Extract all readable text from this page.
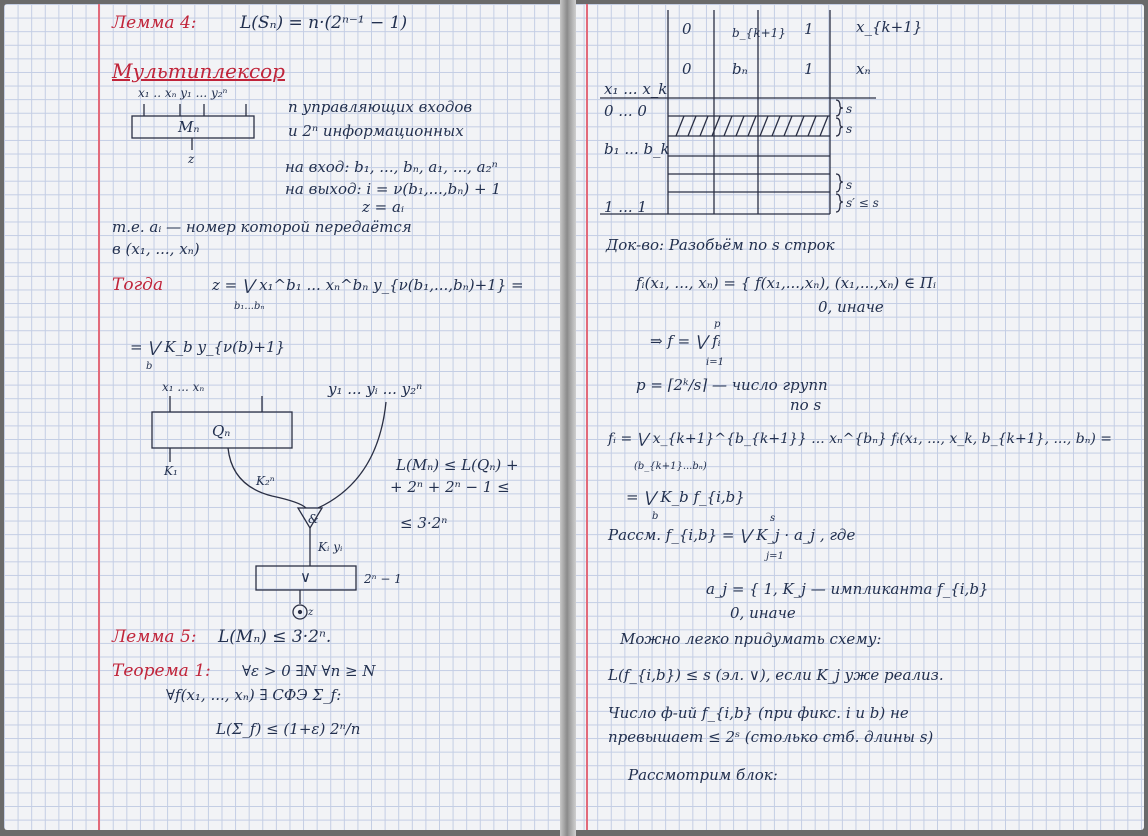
Лемма 4:	L(Sₙ) = n·(2ⁿ⁻¹ − 1)
Мультиплексор
x₁ .. xₙ y₁ ... y₂ⁿ
Mₙ
z
n управляющих входов
и 2ⁿ информационных
на вход: b₁, ..., bₙ, a₁, ..., a₂ⁿ
на выход: i = ν(b₁,...,bₙ) + 1
z = aᵢ
т.е. aᵢ — номер которой передаётся
в (x₁, ..., xₙ)
Тогда	z = ⋁ x₁^b₁ ... xₙ^bₙ y_{ν(b₁,...,bₙ)+1} =
b₁...bₙ
= ⋁ K_b y_{ν(b)+1}
b
x₁ ... xₙ
Qₙ
K₁
K₂ⁿ
y₁ ... yᵢ ... y₂ⁿ
&
Kᵢ yᵢ
∨	2ⁿ − 1
z
L(Mₙ) ≤ L(Qₙ) +
+ 2ⁿ + 2ⁿ − 1 ≤
≤ 3·2ⁿ
Лемма 5: L(Mₙ) ≤ 3·2ⁿ.
Теорема 1: ∀ε > 0 ∃N ∀n ≥ N
∀f(x₁, ..., xₙ) ∃ СФЭ Σ_f:
L(Σ_f) ≤ (1+ε) 2ⁿ/n
0	b_{k+1} 1	x_{k+1}
0	bₙ	1	xₙ
x₁ ... x_k
0 ... 0
b₁ ... b_k
1 ... 1
s
s
s
s′ ≤ s
Док-во: Разобьём по s строк
fᵢ(x₁, ..., xₙ) = { f(x₁,...,xₙ), (x₁,...,xₙ) ∈ Πᵢ
0, иначе
p
⇒ f = ⋁ fᵢ
i=1
p = ⌈2ᵏ/s⌉ — число групп
по s
fᵢ = ⋁ x_{k+1}^{b_{k+1}} ... xₙ^{bₙ} fᵢ(x₁, ..., x_k, b_{k+1}, ..., bₙ) =
(b_{k+1}...bₙ)
= ⋁ K_b f_{i,b}
b	s
Рассм. f_{i,b} = ⋁ K_j · a_j , где
j=1
a_j = { 1, K_j — импликанта f_{i,b}
0, иначе
Можно легко придумать схему:
L(f_{i,b}) ≤ s (эл. ∨), если K_j уже реализ.
Число ф-ий f_{i,b} (при фикс. i и b) не
превышает ≤ 2ˢ (столько стб. длины s)
Рассмотрим блок:
